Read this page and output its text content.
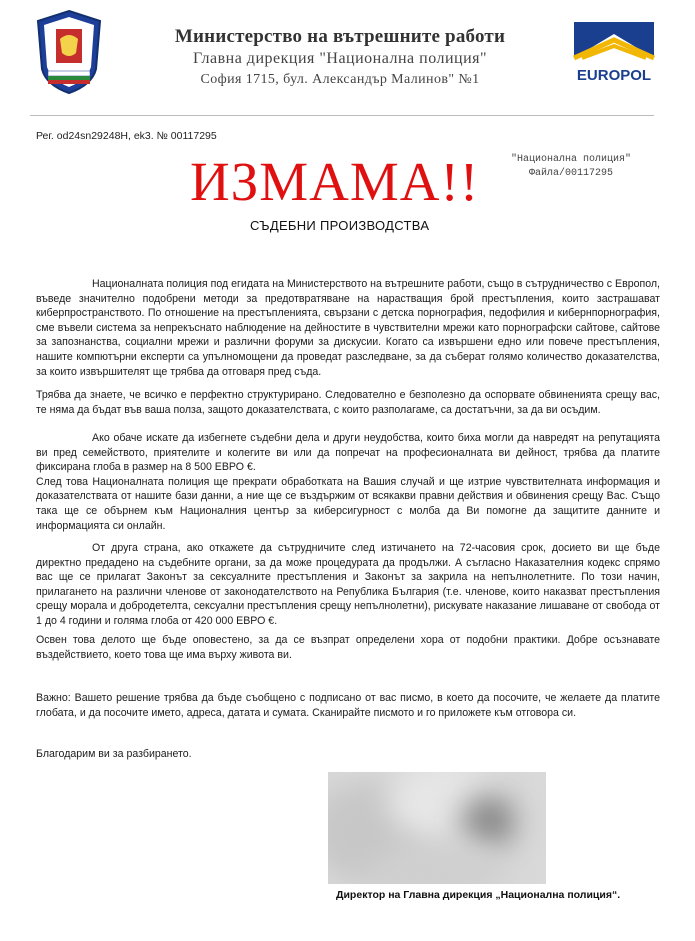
Министерство на вътрешните работи
Главна дирекция "Национална полиция"
София 1715, бул. Александър Малинов" №1	EUROPOL
Рег. od24sn29248H, ek3. № 00117295
"Национална полиция"
Файла/00117295
ИЗМАМА!!
СЪДЕБНИ ПРОИЗВОДСТВА

Националната полиция под егидата на Министерството на вътрешните работи, също в сътрудничество с Европол, въведе значително подобрени методи за предотвратяване на нарастващия брой престъпления, които застрашават киберпространството. По отношение на престъпленията, свързани с детска порнография, педофилия и кибернпорнография, сме въвели система за непрекъснато наблюдение на дейностите в чувствителни мрежи като порнографски сайтове, сайтове за запознанства, социални мрежи и различни форуми за дискусии. Когато са извършени едно или повече престъпления, нашите компютърни експерти са упълномощени да проведат разследване, за да съберат голямо количество доказателства, за които извършителят ще трябва да отговаря пред съда.

Трябва да знаете, че всичко е перфектно структурирано. Следователно е безполезно да оспорвате обвиненията срещу вас, те няма да бъдат във ваша полза, защото доказателствата, с които разполагаме, са достатъчни, за да ви осъдим.

Ако обаче искате да избегнете съдебни дела и други неудобства, които биха могли да навредят на репутацията ви пред семейството, приятелите и колегите ви или да попречат на професионалната ви дейност, трябва да платите фиксирана глоба в размер на 8 500 ЕВРО €.

След това Националната полиция ще прекрати обработката на Вашия случай и ще изтрие чувствителната информация и доказателствата от нашите бази данни, а ние ще се въздържим от всякакви правни действия и обвинения срещу Вас. Също така ще се обърнем към Националния център за киберсигурност с молба да Ви помогне да защитите данните и информацията си онлайн.

От друга страна, ако откажете да сътрудничите след изтичането на 72-часовия срок, досието ви ще бъде директно предадено на съдебните органи, за да може процедурата да продължи. А съгласно Наказателния кодекс спрямо вас ще се прилагат Законът за сексуалните престъпления и Законът за закрила на непълнолетните. По този начин, прилагането на различни членове от законодателството на Република България (т.е. членове, които наказват престъпления срещу морала и добродетелта, сексуални престъпления срещу непълнолетни), рискувате наказание лишаване от свобода от 1 до 4 години и голяма глоба от 420 000 ЕВРО €.

Освен това делото ще бъде оповестено, за да се възпрат определени хора от подобни практики. Добре осъзнавате въздействието, което това ще има върху живота ви.

Важно: Вашето решение трябва да бъде съобщено с подписано от вас писмо, в което да посочите, че желаете да платите глобата, и да посочите името, адреса, датата и сумата. Сканирайте писмото и го приложете към отговора си.

Благодарим ви за разбирането.

Директор на Главна дирекция „Национална полиция“.
